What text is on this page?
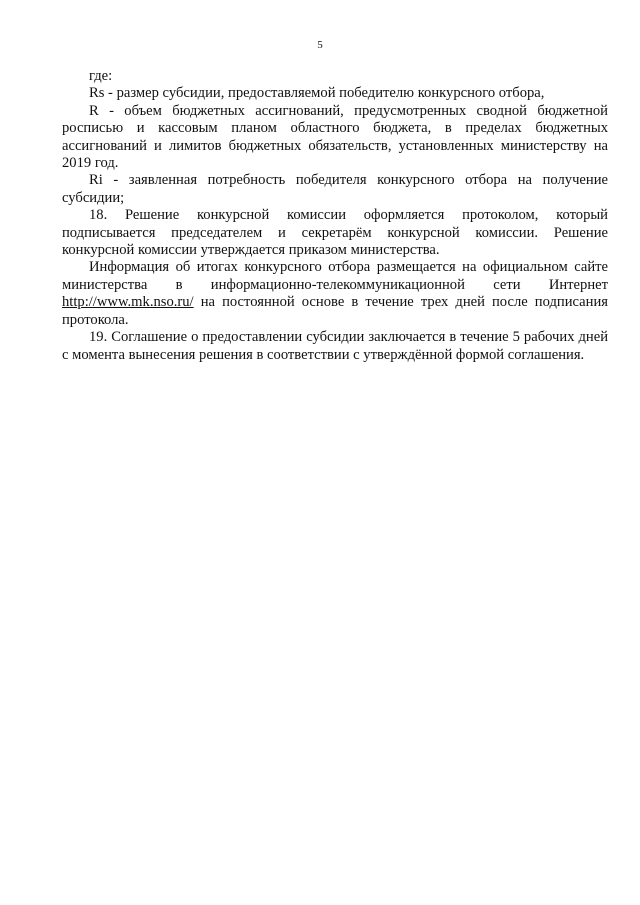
5

где:

Rs - размер субсидии, предоставляемой победителю конкурсного отбора,

R - объем бюджетных ассигнований, предусмотренных сводной бюджетной росписью и кассовым планом областного бюджета, в пределах бюджетных ассигнований и лимитов бюджетных обязательств, установленных министерству на 2019 год.

Ri - заявленная потребность победителя конкурсного отбора на получение субсидии;

18. Решение конкурсной комиссии оформляется протоколом, который подписывается председателем и секретарём конкурсной комиссии. Решение конкурсной комиссии утверждается приказом министерства.

Информация об итогах конкурсного отбора размещается на официальном сайте министерства в информационно-телекоммуникационной сети Интернет http://www.mk.nso.ru/ на постоянной основе в течение трех дней после подписания протокола.

19. Соглашение о предоставлении субсидии заключается в течение 5 рабочих дней с момента вынесения решения в соответствии с утверждённой формой соглашения.
